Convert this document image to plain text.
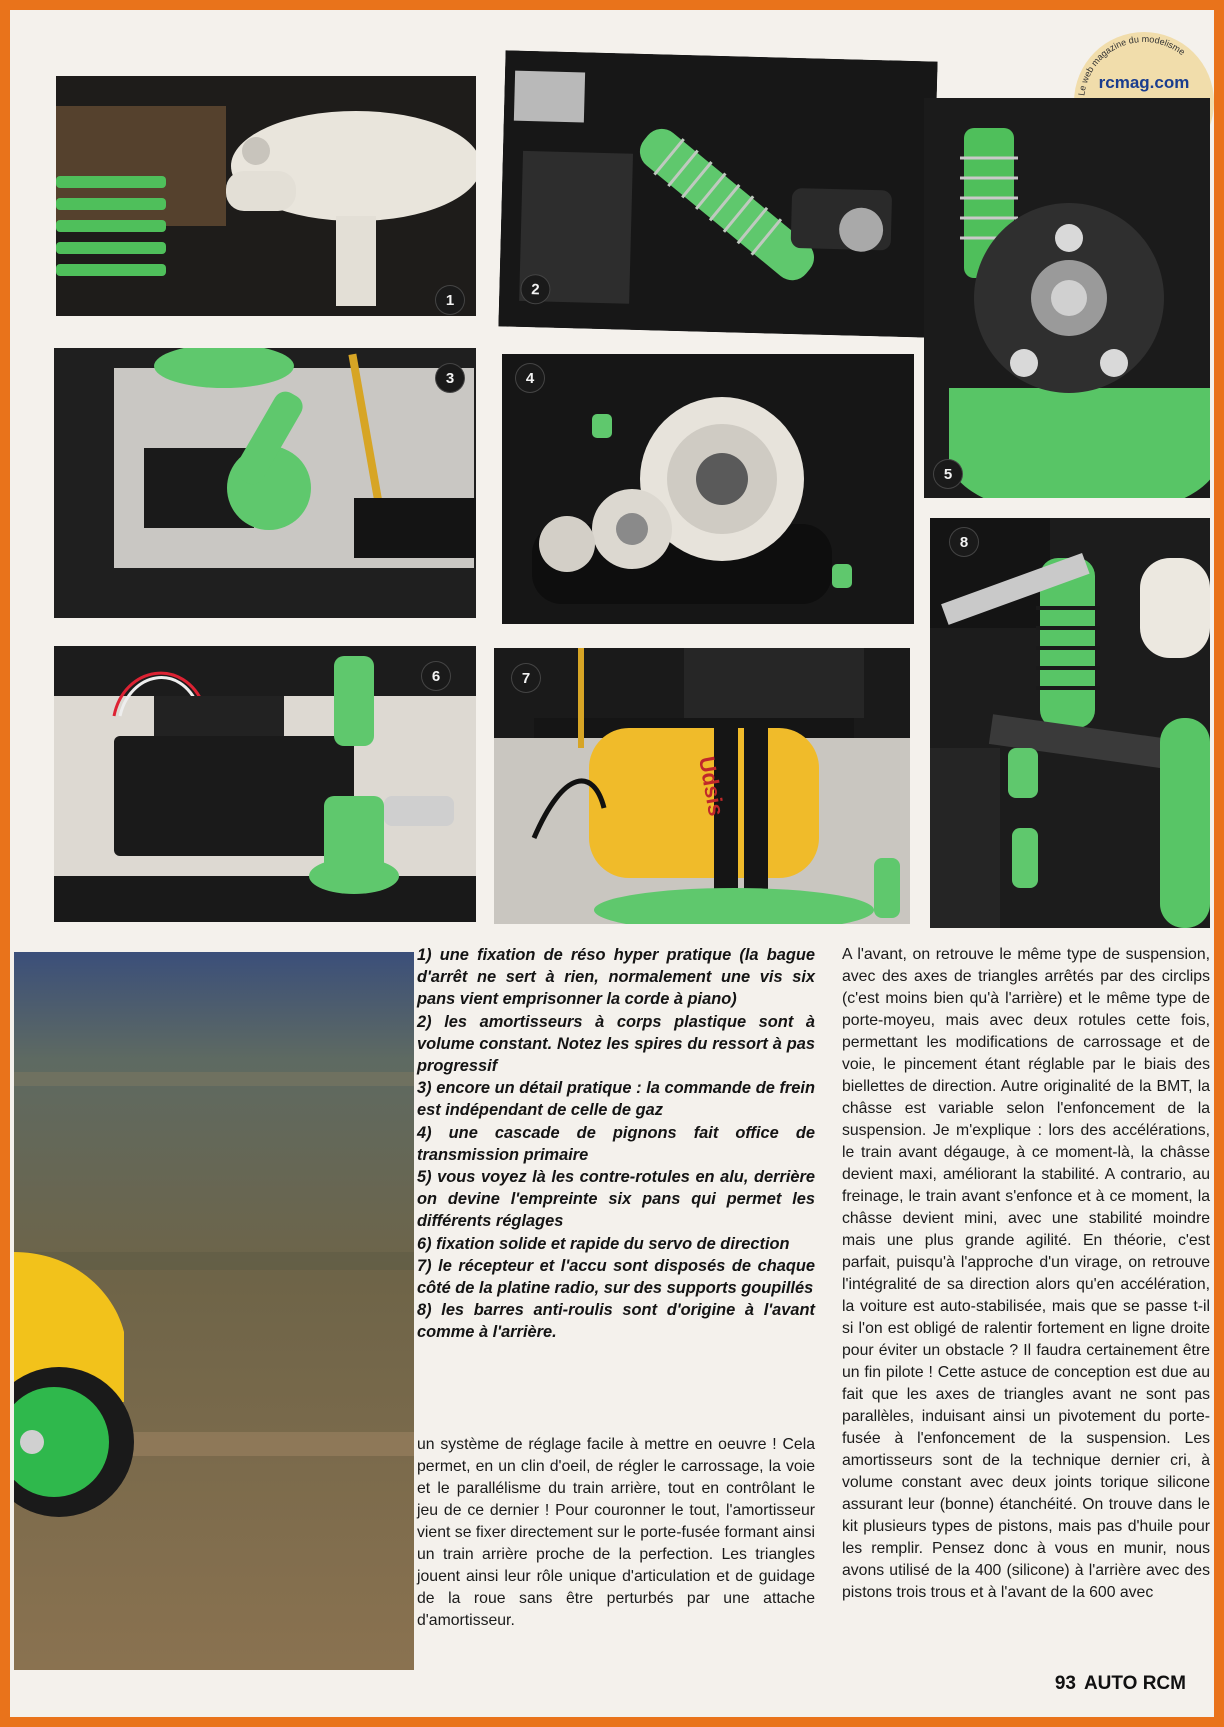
Le web magazine du modelisme
rcmag.com
1
2
5
3	4
8
6
Udsis
7

1) une fixation de réso hyper pratique (la bague d'arrêt ne sert à rien, normalement une vis six pans vient emprisonner la corde à piano)

2) les amortisseurs à corps plastique sont à volume constant. Notez les spires du ressort à pas progressif

3) encore un détail pratique : la commande de frein est indépendant de celle de gaz

4) une cascade de pignons fait office de transmission primaire

5) vous voyez là les contre-rotules en alu, derrière on devine l'empreinte six pans qui permet les différents réglages

6) fixation solide et rapide du servo de direction

7) le récepteur et l'accu sont disposés de chaque côté de la platine radio, sur des supports goupillés

8) les barres anti-roulis sont d'origine à l'avant comme à l'arrière.

un système de réglage facile à mettre en oeuvre ! Cela permet, en un clin d'oeil, de régler le carrossage, la voie et le parallélisme du train arrière, tout en contrôlant le jeu de ce dernier ! Pour couronner le tout, l'amortisseur vient se fixer directement sur le porte-fusée formant ainsi un train arrière proche de la perfection. Les triangles jouent ainsi leur rôle unique d'articulation et de guidage de la roue sans être perturbés par une attache d'amortisseur.

A l'avant, on retrouve le même type de suspension, avec des axes de triangles arrêtés par des circlips (c'est moins bien qu'à l'arrière) et le même type de porte-moyeu, mais avec deux rotules cette fois, permettant les modifications de carrossage et de voie, le pincement étant réglable par le biais des biellettes de direction. Autre originalité de la BMT, la châsse est variable selon l'enfoncement de la suspension. Je m'explique : lors des accélérations, le train avant dégauge, à ce moment-là, la châsse devient maxi, améliorant la stabilité. A contrario, au freinage, le train avant s'enfonce et à ce moment, la châsse devient mini, avec une stabilité moindre mais une plus grande agilité. En théorie, c'est parfait, puisqu'à l'approche d'un virage, on retrouve l'intégralité de sa direction alors qu'en accélération, la voiture est auto-stabilisée, mais que se passe t-il si l'on est obligé de ralentir fortement en ligne droite pour éviter un obstacle ? Il faudra certainement être un fin pilote ! Cette astuce de conception est due au fait que les axes de triangles avant ne sont pas parallèles, induisant ainsi un pivotement du porte-fusée à l'enfoncement de la suspension. Les amortisseurs sont de la technique dernier cri, à volume constant avec deux joints torique silicone assurant leur (bonne) étanchéité. On trouve dans le kit plusieurs types de pistons, mais pas d'huile pour les remplir. Pensez donc à vous en munir, nous avons utilisé de la 400 (silicone) à l'arrière avec des pistons trois trous et à l'avant de la 600 avec

93 AUTO RCM
